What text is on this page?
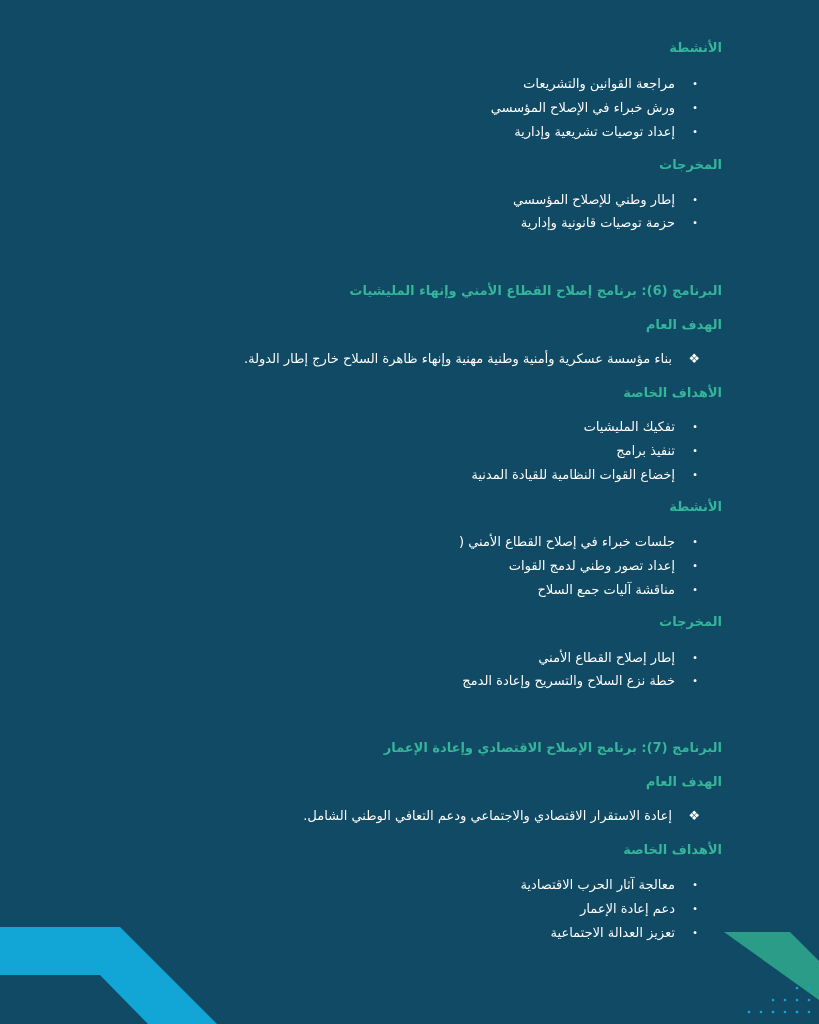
الأنشطة
•
مراجعة القوانين والتشريعات
•
ورش خبراء في الإصلاح المؤسسي
•
إعداد توصيات تشريعية وإدارية
المخرجات
•
إطار وطني للإصلاح المؤسسي
•
حزمة توصيات قانونية وإدارية
البرنامج (6): برنامج إصلاح القطاع الأمني وإنهاء المليشيات
الهدف العام
❖
بناء مؤسسة عسكرية وأمنية وطنية مهنية وإنهاء ظاهرة السلاح خارج إطار الدولة.
الأهداف الخاصة
•
تفكيك المليشيات
•
تنفيذ برامج
•
إخضاع القوات النظامية للقيادة المدنية
الأنشطة
•
جلسات خبراء في إصلاح القطاع الأمني (
•
إعداد تصور وطني لدمج القوات
•
مناقشة آليات جمع السلاح
المخرجات
•
إطار إصلاح القطاع الأمني
•
خطة نزع السلاح والتسريح وإعادة الدمج
البرنامج (7): برنامج الإصلاح الاقتصادي وإعادة الإعمار
الهدف العام
❖
إعادة الاستقرار الاقتصادي والاجتماعي ودعم التعافي الوطني الشامل.
الأهداف الخاصة
•
معالجة آثار الحرب الاقتصادية
•
دعم إعادة الإعمار
•
تعزيز العدالة الاجتماعية
